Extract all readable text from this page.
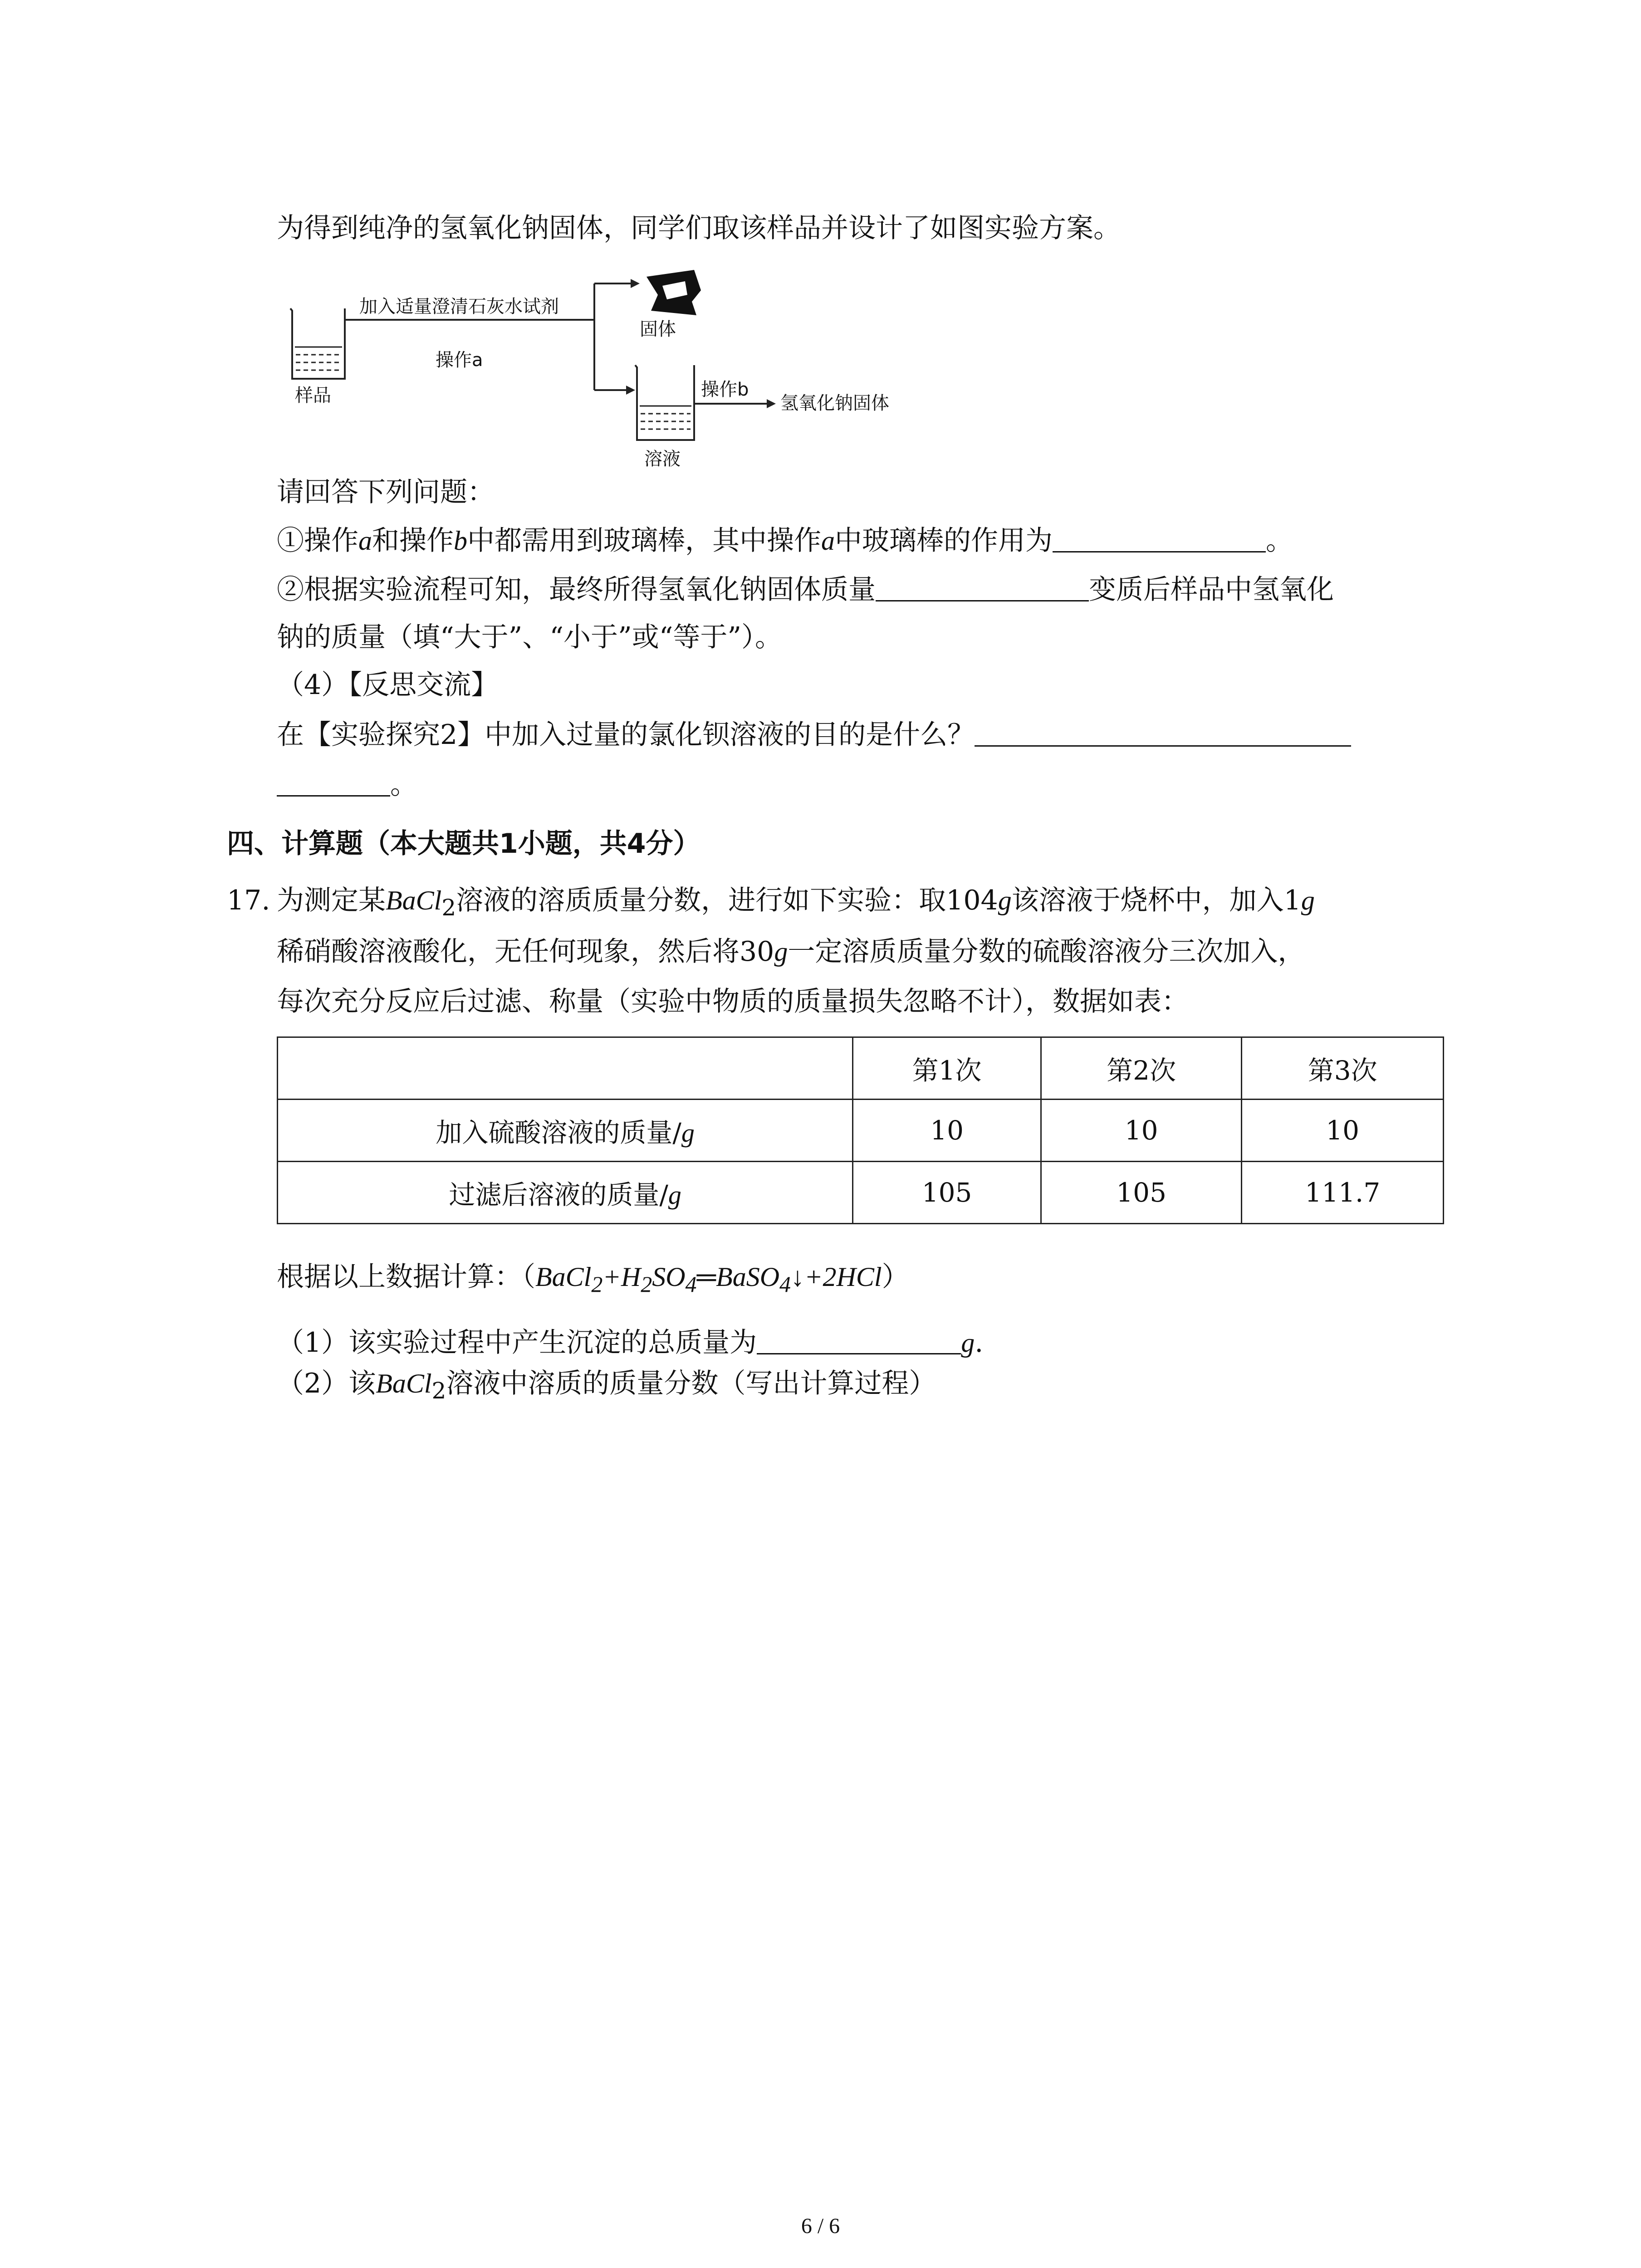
为得到纯净的氢氧化钠固体，同学们取该样品并设计了如图实验方案。
样品
加入适量澄清石灰水试剂
操作a
固体
操作b
氢氧化钠固体
溶液
请回答下列问题：
①操作a和操作b中都需用到玻璃棒，其中操作a中玻璃棒的作用为	。
②根据实验流程可知，最终所得氢氧化钠固体质量	变质后样品中氢氧化
钠的质量（填“大于”、“小于”或“等于”）。
（4）【反思交流】
在【实验探究2】中加入过量的氯化钡溶液的目的是什么？
。
四、计算题（本大题共1小题，共4分）
17. 为测定某BaCl$_2$溶液的溶质质量分数，进行如下实验：取104g该溶液于烧杯中，加入1g
稀硝酸溶液酸化，无任何现象，然后将30g一定溶质质量分数的硫酸溶液分三次加入，
每次充分反应后过滤、称量（实验中物质的质量损失忽略不计），数据如表：
	第1次	第2次	第3次
加入硫酸溶液的质量/g	10	10	10
过滤后溶液的质量/g	105	105	111.7
根据以上数据计算：$(BaCl_2+H_2SO_4═BaSO_4↓+2HCl)$
（1）该实验过程中产生沉淀的总质量为	g.
（2）该BaCl$_2$溶液中溶质的质量分数（写出计算过程）
6 / 6
